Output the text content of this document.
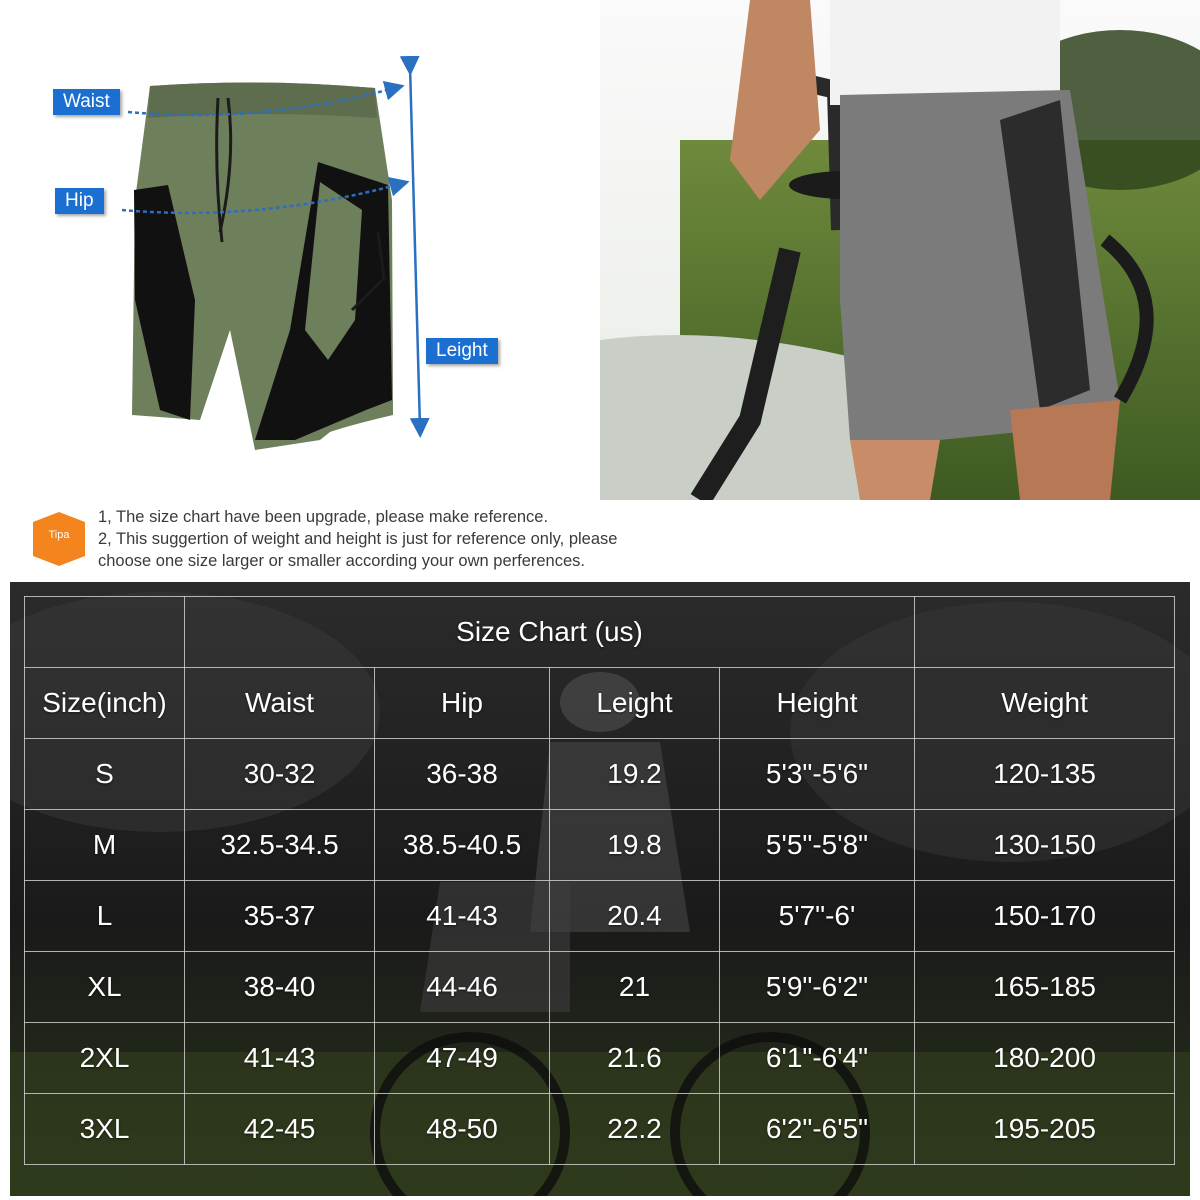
Waist
Hip
Leight
Tipa
1, The size chart have been upgrade, please make reference.
2, This suggertion of weight and height is just for reference only, please
choose one size larger or smaller according your own perferences.
	Size Chart (us)				
Size(inch)	Waist	Hip	Leight	Height	Weight
S	30-32	36-38	19.2	5'3"-5'6"	120-135
M	32.5-34.5	38.5-40.5	19.8	5'5"-5'8"	130-150
L	35-37	41-43	20.4	5'7"-6'	150-170
XL	38-40	44-46	21	5'9"-6'2"	165-185
2XL	41-43	47-49	21.6	6'1"-6'4"	180-200
3XL	42-45	48-50	22.2	6'2"-6'5"	195-205
